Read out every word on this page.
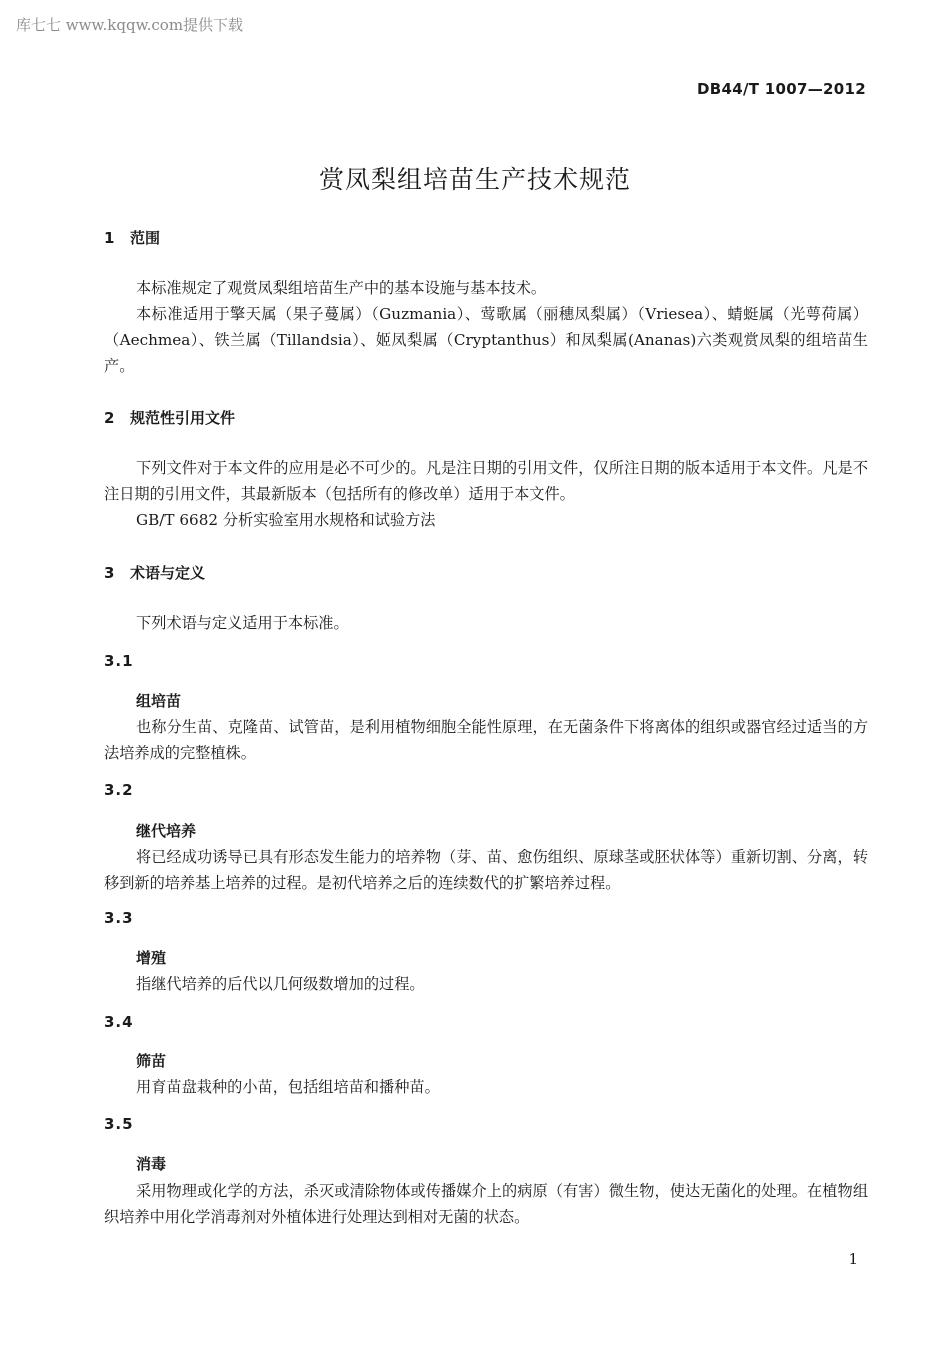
库七七 www.kqqw.com提供下载
DB44/T 1007—2012
赏凤梨组培苗生产技术规范
1 范围
本标准规定了观赏凤梨组培苗生产中的基本设施与基本技术。
本标准适用于擎天属（果子蔓属）（Guzmania）、莺歌属（丽穗凤梨属）（Vriesea）、蜻蜓属（光萼荷属）（Aechmea）、铁兰属（Tillandsia）、姬凤梨属（Cryptanthus）和凤梨属(Ananas)六类观赏凤梨的组培苗生产。
2 规范性引用文件
下列文件对于本文件的应用是必不可少的。凡是注日期的引用文件，仅所注日期的版本适用于本文件。凡是不注日期的引用文件，其最新版本（包括所有的修改单）适用于本文件。
GB/T 6682 分析实验室用水规格和试验方法
3 术语与定义
下列术语与定义适用于本标准。
3.1
组培苗
也称分生苗、克隆苗、试管苗，是利用植物细胞全能性原理，在无菌条件下将离体的组织或器官经过适当的方法培养成的完整植株。
3.2
继代培养
将已经成功诱导已具有形态发生能力的培养物（芽、苗、愈伤组织、原球茎或胚状体等）重新切割、分离，转移到新的培养基上培养的过程。是初代培养之后的连续数代的扩繁培养过程。
3.3
增殖
指继代培养的后代以几何级数增加的过程。
3.4
筛苗
用育苗盘栽种的小苗，包括组培苗和播种苗。
3.5
消毒
采用物理或化学的方法，杀灭或清除物体或传播媒介上的病原（有害）微生物，使达无菌化的处理。在植物组织培养中用化学消毒剂对外植体进行处理达到相对无菌的状态。
1
